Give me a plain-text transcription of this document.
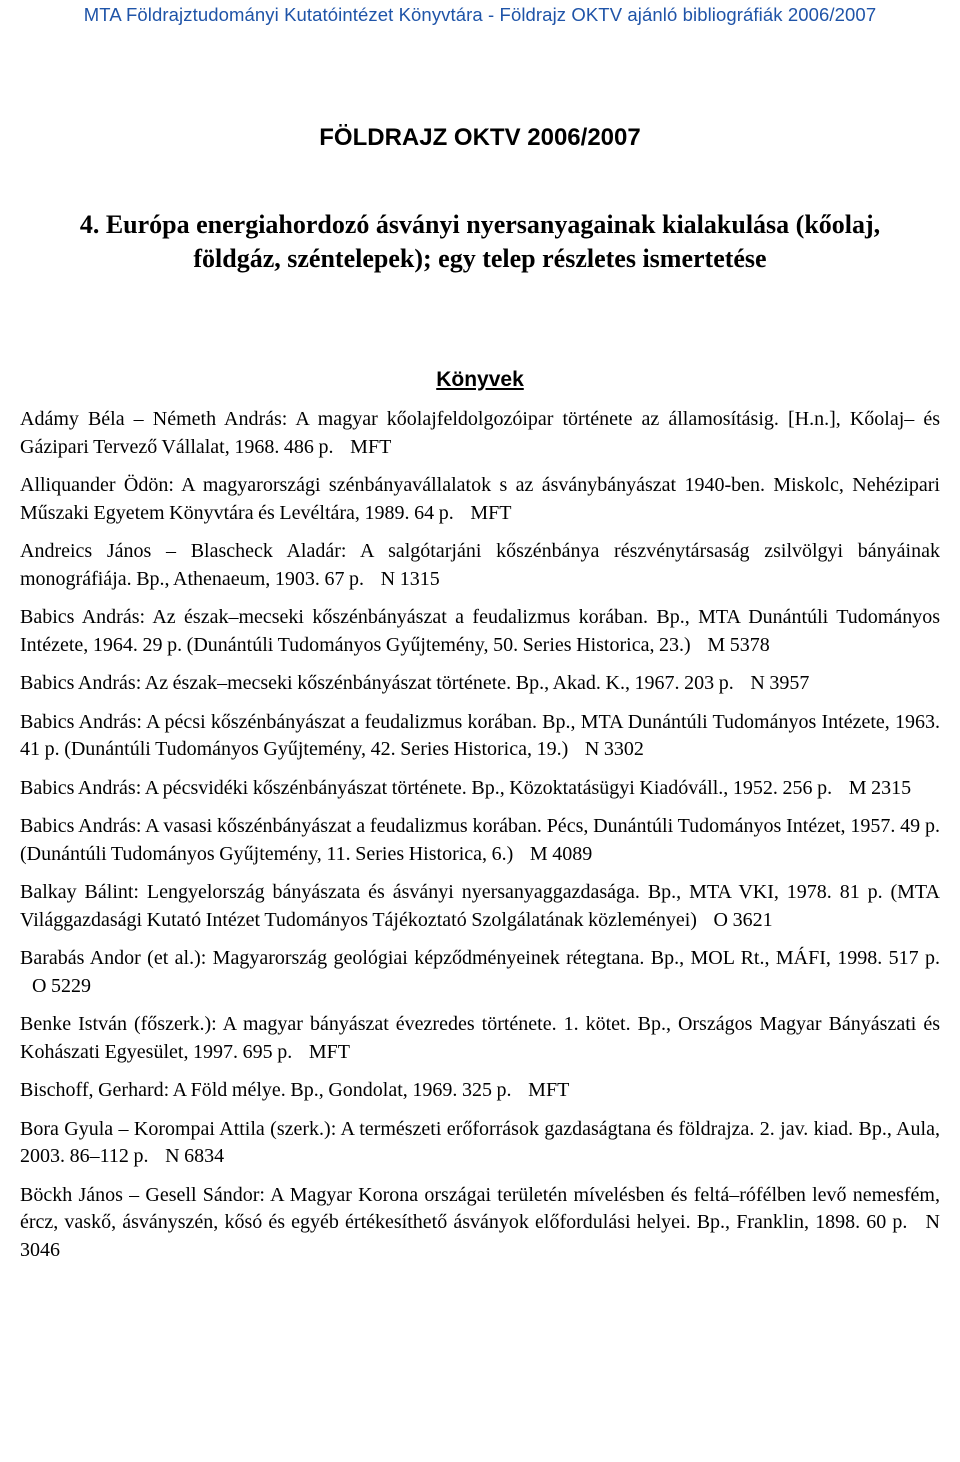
MTA Földrajztudományi Kutatóintézet Könyvtára - Földrajz OKTV ajánló bibliográfiák 2006/2007
FÖLDRAJZ OKTV 2006/2007
4. Európa energiahordozó ásványi nyersanyagainak kialakulása (kőolaj,
földgáz, széntelepek); egy telep részletes ismertetése
Könyvek

Adámy Béla – Németh András: A magyar kőolajfeldolgozóipar története az államosításig. [H.n.], Kőolaj– és Gázipari Tervező Vállalat, 1968. 486 p. MFT

Alliquander Ödön: A magyarországi szénbányavállalatok s az ásványbányászat 1940-ben. Miskolc, Nehézipari Műszaki Egyetem Könyvtára és Levéltára, 1989. 64 p. MFT

Andreics János – Blascheck Aladár: A salgótarjáni kőszénbánya részvénytársaság zsilvölgyi bányáinak monográfiája. Bp., Athenaeum, 1903. 67 p. N 1315

Babics András: Az észak–mecseki kőszénbányászat a feudalizmus korában. Bp., MTA Dunántúli Tudományos Intézete, 1964. 29 p. (Dunántúli Tudományos Gyűjtemény, 50. Series Historica, 23.) M 5378

Babics András: Az észak–mecseki kőszénbányászat története. Bp., Akad. K., 1967. 203 p. N 3957

Babics András: A pécsi kőszénbányászat a feudalizmus korában. Bp., MTA Dunántúli Tudományos Intézete, 1963. 41 p. (Dunántúli Tudományos Gyűjtemény, 42. Series Historica, 19.) N 3302

Babics András: A pécsvidéki kőszénbányászat története. Bp., Közoktatásügyi Kiadóváll., 1952. 256 p. M 2315

Babics András: A vasasi kőszénbányászat a feudalizmus korában. Pécs, Dunántúli Tudományos Intézet, 1957. 49 p. (Dunántúli Tudományos Gyűjtemény, 11. Series Historica, 6.) M 4089

Balkay Bálint: Lengyelország bányászata és ásványi nyersanyaggazdasága. Bp., MTA VKI, 1978. 81 p. (MTA Világgazdasági Kutató Intézet Tudományos Tájékoztató Szolgálatának közleményei) O 3621

Barabás Andor (et al.): Magyarország geológiai képződményeinek rétegtana. Bp., MOL Rt., MÁFI, 1998. 517 p. O 5229

Benke István (főszerk.): A magyar bányászat évezredes története. 1. kötet. Bp., Országos Magyar Bányászati és Kohászati Egyesület, 1997. 695 p. MFT

Bischoff, Gerhard: A Föld mélye. Bp., Gondolat, 1969. 325 p. MFT

Bora Gyula – Korompai Attila (szerk.): A természeti erőforrások gazdaságtana és földrajza. 2. jav. kiad. Bp., Aula, 2003. 86–112 p. N 6834

Böckh János – Gesell Sándor: A Magyar Korona országai területén mívelésben és feltá–rófélben levő nemesfém, ércz, vaskő, ásványszén, kősó és egyéb értékesíthető ásványok előfordulási helyei. Bp., Franklin, 1898. 60 p. N 3046
